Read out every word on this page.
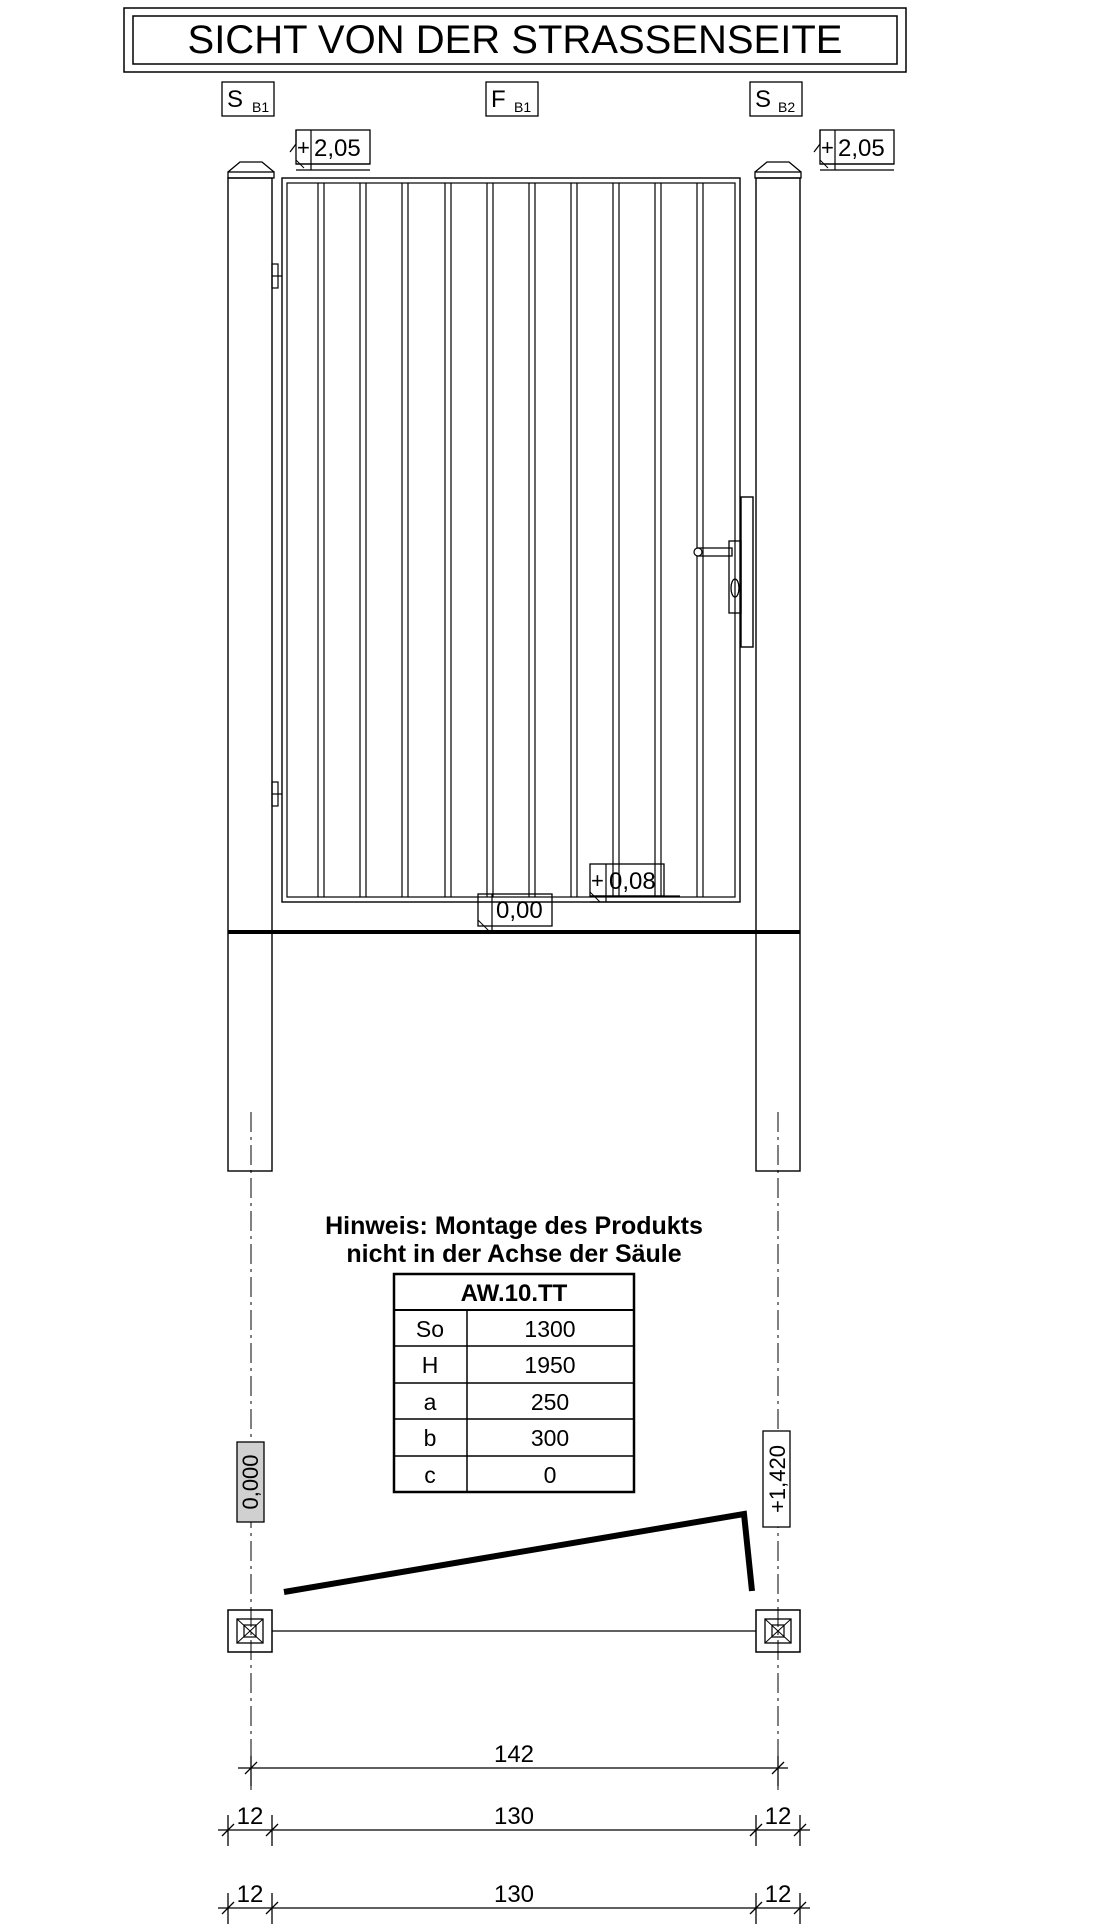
SICHT VON DER STRASSENSEITE
S B1	F B1	S B2
+ 2,05	+ 2,05
0,00
+ 0,08
Hinweis: Montage des Produkts
nicht in der Achse der Säule
AW.10.TT
So	1300
H	1950
a	250
b	300
c	0
0,000	+1,420
142
12	130	12
12	130	12
